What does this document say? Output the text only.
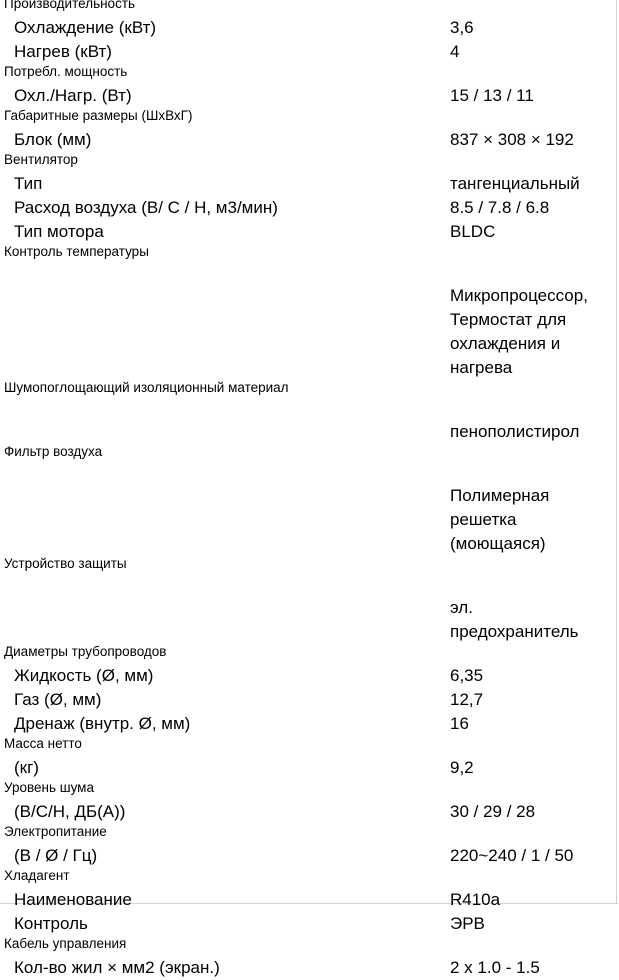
Производительность
Охлаждение (кВт)	3,6
Нагрев (кВт)	4
Потребл. мощность
Охл./Нагр. (Вт)	15 / 13 / 11
Габаритные размеры (ШхВхГ)
Блок (мм)	837 × 308 × 192
Вентилятор
Тип	тангенциальный
Расход воздуха (В/ С / Н, м3/мин)	8.5 / 7.8 / 6.8
Тип мотора	BLDC
Контроль температуры
Микропроцессор,
Термостат для
охлаждения и
нагрева
Шумопоглощающий изоляционный материал
пенополистирол
Фильтр воздуха
Полимерная
решетка
(моющаяся)
Устройство защиты
эл.
предохранитель
Диаметры трубопроводов
Жидкость (Ø, мм)	6,35
Газ (Ø, мм)	12,7
Дренаж (внутр. Ø, мм)	16
Масса нетто
(кг)	9,2
Уровень шума
(В/С/Н, ДБ(А))	30 / 29 / 28
Электропитание
(В / Ø / Гц)	220~240 / 1 / 50
Хладагент
Наименование	R410a
Контроль	ЭРВ
Кабель управления
Кол-во жил × мм2 (экран.)	2 x 1.0 - 1.5
